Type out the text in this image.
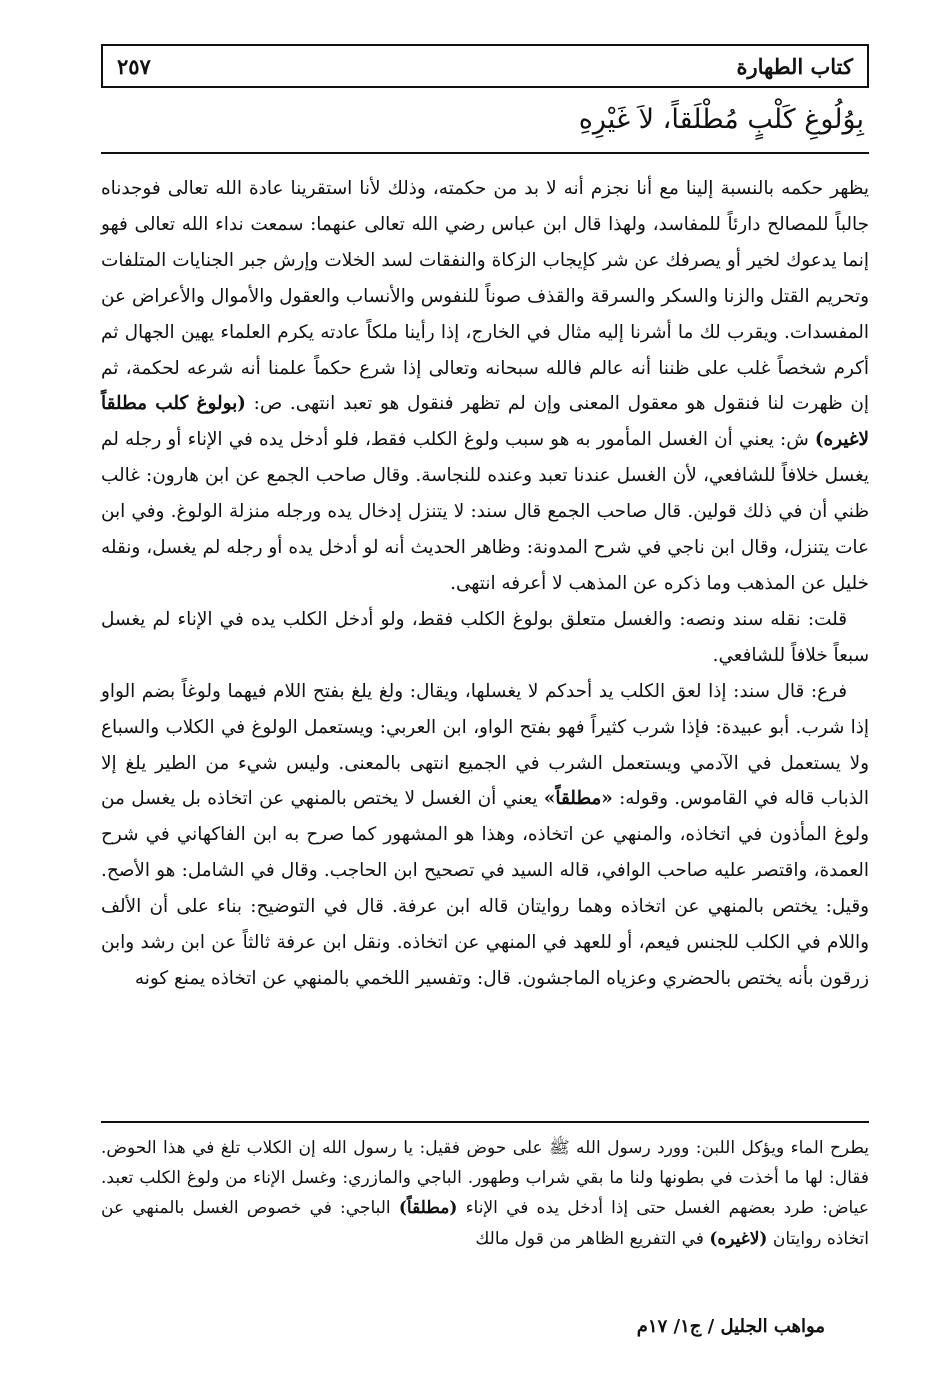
كتاب الطهارة
٢٥٧
بِوُلُوغِ كَلْبٍ مُطْلَقاً، لاَ غَيْرِهِ

يظهر حكمه بالنسبة إلينا مع أنا نجزم أنه لا بد من حكمته، وذلك لأنا استقرينا عادة الله تعالى فوجدناه جالباً للمصالح دارئاً للمفاسد، ولهذا قال ابن عباس رضي الله تعالى عنهما: سمعت نداء الله تعالى فهو إنما يدعوك لخير أو يصرفك عن شر كإيجاب الزكاة والنفقات لسد الخلات وإرش جبر الجنايات المتلفات وتحريم القتل والزنا والسكر والسرقة والقذف صوناً للنفوس والأنساب والعقول والأموال والأعراض عن المفسدات. ويقرب لك ما أشرنا إليه مثال في الخارج، إذا رأينا ملكاً عادته يكرم العلماء يهين الجهال ثم أكرم شخصاً غلب على ظننا أنه عالم فالله سبحانه وتعالى إذا شرع حكماً علمنا أنه شرعه لحكمة، ثم إن ظهرت لنا فنقول هو معقول المعنى وإن لم تظهر فنقول هو تعبد انتهى. ص: (بولوغ كلب مطلقاً لاغيره) ش: يعني أن الغسل المأمور به هو سبب ولوغ الكلب فقط، فلو أدخل يده في الإناء أو رجله لم يغسل خلافاً للشافعي، لأن الغسل عندنا تعبد وعنده للنجاسة. وقال صاحب الجمع عن ابن هارون: غالب ظني أن في ذلك قولين. قال صاحب الجمع قال سند: لا يتنزل إدخال يده ورجله منزلة الولوغ. وفي ابن عات يتنزل، وقال ابن ناجي في شرح المدونة: وظاهر الحديث أنه لو أدخل يده أو رجله لم يغسل، ونقله خليل عن المذهب وما ذكره عن المذهب لا أعرفه انتهى.

قلت: نقله سند ونصه: والغسل متعلق بولوغ الكلب فقط، ولو أدخل الكلب يده في الإناء لم يغسل سبعاً خلافاً للشافعي.

فرع: قال سند: إذا لعق الكلب يد أحدكم لا يغسلها، ويقال: ولغ يلغ بفتح اللام فيهما ولوغاً بضم الواو إذا شرب. أبو عبيدة: فإذا شرب كثيراً فهو بفتح الواو، ابن العربي: ويستعمل الولوغ في الكلاب والسباع ولا يستعمل في الآدمي ويستعمل الشرب في الجميع انتهى بالمعنى. وليس شيء من الطير يلغ إلا الذباب قاله في القاموس. وقوله: «مطلقاً» يعني أن الغسل لا يختص بالمنهي عن اتخاذه بل يغسل من ولوغ المأذون في اتخاذه، والمنهي عن اتخاذه، وهذا هو المشهور كما صرح به ابن الفاكهاني في شرح العمدة، واقتصر عليه صاحب الوافي، قاله السيد في تصحيح ابن الحاجب. وقال في الشامل: هو الأصح. وقيل: يختص بالمنهي عن اتخاذه وهما روايتان قاله ابن عرفة. قال في التوضيح: بناء على أن الألف واللام في الكلب للجنس فيعم، أو للعهد في المنهي عن اتخاذه. ونقل ابن عرفة ثالثاً عن ابن رشد وابن زرقون بأنه يختص بالحضري وعزياه الماجشون. قال: وتفسير اللخمي بالمنهي عن اتخاذه يمنع كونه

يطرح الماء ويؤكل اللبن: وورد رسول الله ﷺ على حوض فقيل: يا رسول الله إن الكلاب تلغ في هذا الحوض. فقال: لها ما أخذت في بطونها ولنا ما بقي شراب وطهور. الباجي والمازري: وغسل الإناء من ولوغ الكلب تعبد. عياض: طرد بعضهم الغسل حتى إذا أدخل يده في الإناء (مطلقاً) الباجي: في خصوص الغسل بالمنهي عن اتخاذه روايتان (لاغيره) في التفريع الظاهر من قول مالك

مواهب الجليل / ج١/ ١٧م
